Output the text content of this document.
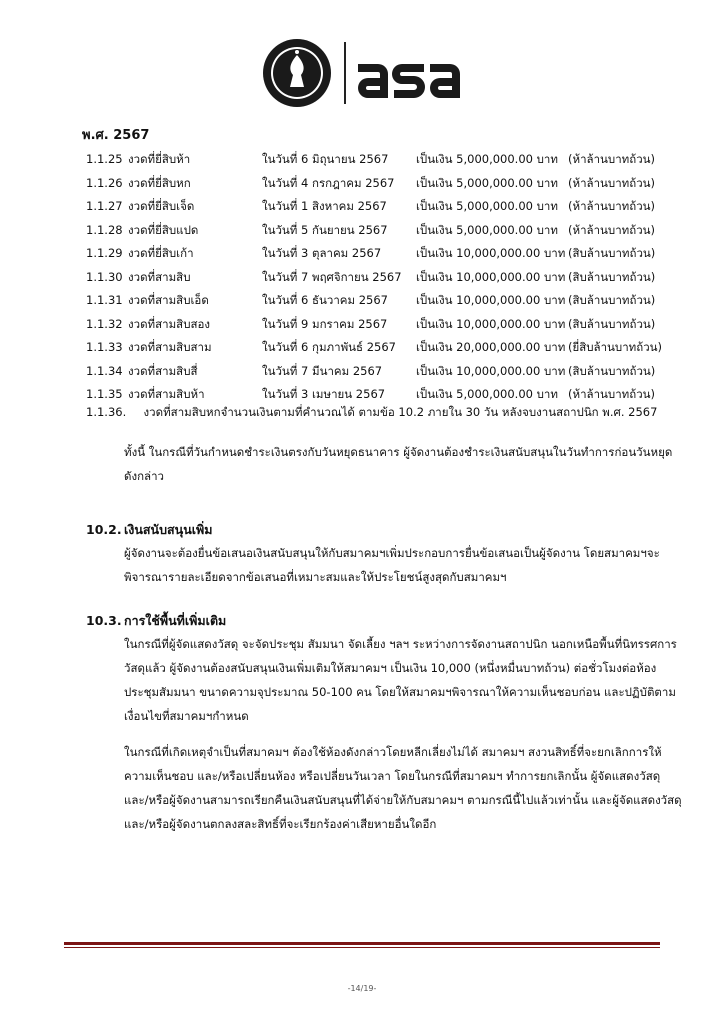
พ.ศ. 2567
1.1.25 งวดที่ยี่สิบห้า	ในวันที่ 6 มิถุนายน 2567 เป็นเงิน 5,000,000.00 บาท (ห้าล้านบาทถ้วน)
1.1.26 งวดที่ยี่สิบหก	ในวันที่ 4 กรกฎาคม 2567 เป็นเงิน 5,000,000.00 บาท (ห้าล้านบาทถ้วน)
1.1.27 งวดที่ยี่สิบเจ็ด	ในวันที่ 1 สิงหาคม 2567	เป็นเงิน 5,000,000.00 บาท (ห้าล้านบาทถ้วน)
1.1.28 งวดที่ยี่สิบแปด	ในวันที่ 5 กันยายน 2567 เป็นเงิน 5,000,000.00 บาท (ห้าล้านบาทถ้วน)
1.1.29 งวดที่ยี่สิบเก้า	ในวันที่ 3 ตุลาคม 2567	เป็นเงิน 10,000,000.00 บาท (สิบล้านบาทถ้วน)
1.1.30 งวดที่สามสิบ	ในวันที่ 7 พฤศจิกายน 2567 เป็นเงิน 10,000,000.00 บาท (สิบล้านบาทถ้วน)
1.1.31 งวดที่สามสิบเอ็ด	ในวันที่ 6 ธันวาคม 2567 เป็นเงิน 10,000,000.00 บาท (สิบล้านบาทถ้วน)
1.1.32 งวดที่สามสิบสอง	ในวันที่ 9 มกราคม 2567 เป็นเงิน 10,000,000.00 บาท (สิบล้านบาทถ้วน)
1.1.33 งวดที่สามสิบสาม	ในวันที่ 6 กุมภาพันธ์ 2567 เป็นเงิน 20,000,000.00 บาท (ยี่สิบล้านบาทถ้วน)
1.1.34 งวดที่สามสิบสี่	ในวันที่ 7 มีนาคม 2567	เป็นเงิน 10,000,000.00 บาท (สิบล้านบาทถ้วน)
1.1.35 งวดที่สามสิบห้า	ในวันที่ 3 เมษายน 2567	เป็นเงิน 5,000,000.00 บาท (ห้าล้านบาทถ้วน)
1.1.36. งวดที่สามสิบหกจำนวนเงินตามที่คำนวณได้ ตามข้อ 10.2 ภายใน 30 วัน หลังจบงานสถาปนิก พ.ศ. 2567
ทั้งนี้ ในกรณีที่วันกำหนดชำระเงินตรงกับวันหยุดธนาคาร ผู้จัดงานต้องชำระเงินสนับสนุนในวันทำการก่อนวันหยุด
ดังกล่าว
10.2. เงินสนับสนุนเพิ่ม
ผู้จัดงานจะต้องยื่นข้อเสนอเงินสนับสนุนให้กับสมาคมฯเพิ่มประกอบการยื่นข้อเสนอเป็นผู้จัดงาน โดยสมาคมฯจะ
พิจารณารายละเอียดจากข้อเสนอที่เหมาะสมและให้ประโยชน์สูงสุดกับสมาคมฯ
10.3. การใช้พื้นที่เพิ่มเติม
ในกรณีที่ผู้จัดแสดงวัสดุ จะจัดประชุม สัมมนา จัดเลี้ยง ฯลฯ ระหว่างการจัดงานสถาปนิก นอกเหนือพื้นที่นิทรรศการ
วัสดุแล้ว ผู้จัดงานต้องสนับสนุนเงินเพิ่มเติมให้สมาคมฯ เป็นเงิน 10,000 (หนึ่งหมื่นบาทถ้วน) ต่อชั่วโมงต่อห้อง
ประชุมสัมมนา ขนาดความจุประมาณ 50-100 คน โดยให้สมาคมฯพิจารณาให้ความเห็นชอบก่อน และปฏิบัติตาม
เงื่อนไขที่สมาคมฯกำหนด
ในกรณีที่เกิดเหตุจำเป็นที่สมาคมฯ ต้องใช้ห้องดังกล่าวโดยหลีกเลี่ยงไม่ได้ สมาคมฯ สงวนสิทธิ์ที่จะยกเลิกการให้
ความเห็นชอบ และ/หรือเปลี่ยนห้อง หรือเปลี่ยนวันเวลา โดยในกรณีที่สมาคมฯ ทำการยกเลิกนั้น ผู้จัดแสดงวัสดุ
และ/หรือผู้จัดงานสามารถเรียกคืนเงินสนับสนุนที่ได้จ่ายให้กับสมาคมฯ ตามกรณีนี้ไปแล้วเท่านั้น และผู้จัดแสดงวัสดุ
และ/หรือผู้จัดงานตกลงสละสิทธิ์ที่จะเรียกร้องค่าเสียหายอื่นใดอีก
-14/19-
